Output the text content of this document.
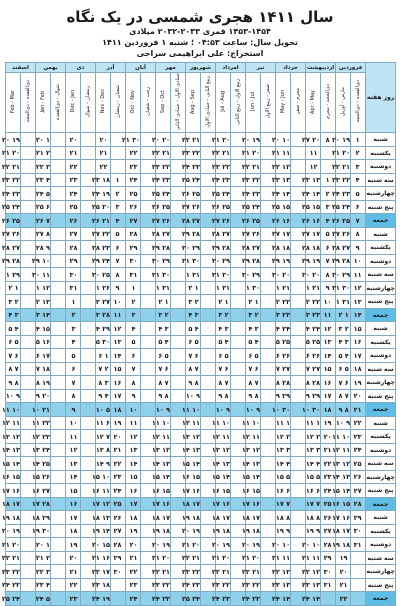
سال ۱۴۱۱ هجری شمسی در یک نگاه
۱۴۵۳-۱۴۵۴ قمری ۲۰۳۳-۲۰۳۲ میلادی
تحویل سال: ساعت ۰۴:۵۳ ؛ شنبه ۱ فروردین ۱۴۱۱
استخراج: علی ابراهیمی سراجی
روز هفته	فروردین		اردیبهشت		خرداد		تیر		امرداد		شهریور		مهر		آبان		آذر		دی		بهمن		اسفند	
	ذی‌القعده - ذی‌الحجه	مارس - آوریل	ذی‌الحجه - محرم	Apr - May	محرم - صفر	May - Jun	صفر - ربیع الاول	Jun - Jul	ربیع الاول - ربیع الثانی	Jul - Aug	ربیع الثانی - جمادی الاول	Aug - Sep	جمادی الاول - جمادی الثانی	Sep - Oct	رجب - شعبان	Oct - Nov	شعبان - رمضان	Nov - Dec	رمضان - شوال	Dec - Jan	شوال - ذی‌القعده	Jan - Feb	ذی‌القعده - ذی‌الحجه	Feb - Mar
شنبه	۱	۱۹ ۲۰	۸	۲۰ ۲۷		۱۰ ۲۰		۱۹ ۲۰		۲۰ ۲۱		۲۱ ۲۲		۲۰ ۲۰		۳۰ ۲۱		۲۰		۲۰		۱ ۲۰		۱۹ ۲۰
یکشنبه	۲	۲۰ ۲۱		۱۱		۱۱ ۲۱		۲۰ ۲۱		۲۱ ۲۲		۲۲ ۲۳		۲۱ ۲۲		۲۲		۲۱		۲۱		۲ ۲۱		۲۰ ۲۱
دوشنبه	۳	۲۱ ۲۲		۱۲		۱۲ ۲۲		۲۱ ۲۲		۲۲ ۲۳		۲۳ ۲۴		۲۲ ۲۳		۲۳		۲۲		۲۲		۳ ۲۲		۲۱ ۲۲
سه شنبه	۴	۲۲ ۲۳	۱	۱۳ ۲۳		۱۳ ۲۳		۲۲ ۲۳		۲۳ ۲۴		۲۴ ۲۵		۲۳ ۲۴		۲۴	۱	۱۸ ۲۳		۲۳		۴ ۲۳		۲۲ ۲۳
چهارشنبه	۵	۲۳ ۲۴	۲	۱۴ ۲۴		۱۴ ۲۴		۲۳ ۲۴		۲۴ ۲۵		۲۵ ۲۶		۲۴ ۲۵		۲۵	۲	۱۹ ۲۴		۲۴		۵ ۲۴		۲۳ ۲۴
پنج شنبه	۶	۲۴ ۲۵	۳	۱۵ ۲۵		۱۵ ۲۵		۲۴ ۲۵		۲۵ ۲۶		۲۶ ۲۷		۲۵ ۲۶		۲۶	۳	۲۰ ۲۵		۲۵		۶ ۲۵		۲۴ ۲۵
جمعه	۷	۲۵ ۲۶	۴	۱۶ ۲۶		۱۶ ۲۶		۲۵ ۲۶		۲۶ ۲۷		۲۷ ۲۸		۲۶ ۲۷		۲۷	۴	۲۱ ۲۶		۲۶		۷ ۲۶		۲۵ ۲۶
شنبه	۸	۲۶ ۲۷	۵	۱۷ ۲۷		۱۷ ۲۷		۲۶ ۲۷		۲۷ ۲۸		۲۸ ۲۹		۲۷ ۲۸		۲۸	۵	۲۲ ۲۷		۲۷		۸ ۲۷		۲۶ ۲۷
یکشنبه	۹	۲۷ ۲۸	۶	۱۸ ۲۸		۱۸ ۲۸		۲۷ ۲۸		۲۸ ۲۹		۲۹ ۳۰		۲۸ ۲۹		۲۹	۶	۲۳ ۲۸		۲۸		۹ ۲۸		۲۷ ۲۸
دوشنبه	۱۰	۲۸ ۲۹	۷	۱۹ ۲۹		۱۹ ۲۹		۲۸ ۲۹		۲۹ ۳۰		۳۰ ۳۱		۲۹ ۳۰		۳۰	۷	۲۴ ۲۹		۲۹		۱۰ ۲۹		۲۸ ۲۹
سه شنبه	۱۱	۲۹ ۳۰	۸	۲۰ ۳۰		۲۰ ۳۰		۲۹ ۳۰		۳۰ ۳۱		۳۱ ۱		۳۰ ۳۱		۳۱	۸	۲۵ ۳۰		۳۰		۱۱ ۳۰		۲۹ ۱
چهارشنبه	۱۲	۳۰ ۳۱	۹	۲۱ ۱		۲۱ ۱		۳۰ ۱		۳۱ ۱		۱ ۲		۳۱ ۱		۱	۹	۲۶ ۱		۳۱		۱۲ ۱		۱ ۲
پنج شنبه	۱۳	۳۱ ۱	۱۰	۲۲ ۲		۲۲ ۲		۱ ۲		۱ ۲		۲ ۳		۱ ۲		۲	۱۰	۲۷ ۲		۱		۱۳ ۲		۲ ۳
جمعه	۱۴	۱ ۲	۱۱	۲۳ ۳		۲۳ ۳		۲ ۳		۲ ۳		۳ ۴		۲ ۳		۳	۱۱	۲۸ ۳		۲		۱۴ ۳		۳ ۴
شنبه	۱۵	۲ ۳	۱۲	۲۴ ۴		۲۴ ۴		۳ ۴		۳ ۴		۴ ۵		۳ ۴		۴	۱۲	۲۹ ۴		۳		۱۵ ۴		۴ ۵
یکشنبه	۱۶	۳ ۴	۱۳	۲۵ ۵		۲۵ ۵		۴ ۵		۴ ۵		۵ ۶		۴ ۵		۵	۱۳	۳۰ ۵		۴		۱۶ ۵		۵ ۶
دوشنبه	۱۷	۴ ۵	۱۴	۲۶ ۶		۲۶ ۶		۵ ۶		۵ ۶		۶ ۷		۵ ۶		۶	۱۴	۱ ۶		۵		۱۷ ۶		۶ ۷
سه شنبه	۱۸	۵ ۶	۱۵	۲۷ ۷		۲۷ ۷		۶ ۷		۶ ۷		۷ ۸		۶ ۷		۷	۱۵	۲ ۷		۶		۱۸ ۷		۷ ۸
چهارشنبه	۱۹	۶ ۷	۱۶	۲۸ ۸		۲۸ ۸		۷ ۸		۷ ۸		۸ ۹		۷ ۸		۸	۱۶	۳ ۸		۷		۱۹ ۸		۸ ۹
پنج شنبه	۲۰	۷ ۸	۱۷	۲۹ ۹		۲۹ ۹		۸ ۹		۸ ۹		۹ ۱۰		۸ ۹		۹	۱۷	۴ ۹		۸		۲۰ ۹		۹ ۱۰
جمعه	۲۱	۸ ۹	۱۸	۳۰ ۱۰		۳۰ ۱۰		۹ ۱۰		۹ ۱۰		۱۰ ۱۱		۹ ۱۰		۱۰	۱۸	۵ ۱۰		۹		۲۱ ۱۰		۱۰ ۱۱
شنبه	۲۲	۹ ۱۰	۱۹	۱ ۱۱		۱ ۱۱		۱۰ ۱۱		۱۰ ۱۱		۱۱ ۱۲		۱۰ ۱۱		۱۱	۱۹	۶ ۱۱		۱۰		۲۲ ۱۱		۱۱ ۱۲
یکشنبه	۲۳	۱۰ ۱۱	۲۰	۲ ۱۲		۲ ۱۲		۱۱ ۱۲		۱۱ ۱۲		۱۲ ۱۳		۱۱ ۱۲		۱۲	۲۰	۷ ۱۲		۱۱		۲۳ ۱۲		۱۲ ۱۳
دوشنبه	۲۴	۱۱ ۱۲	۲۱	۳ ۱۳		۳ ۱۳		۱۲ ۱۳		۱۲ ۱۳		۱۳ ۱۴		۱۲ ۱۳		۱۳	۲۱	۸ ۱۳		۱۲		۲۴ ۱۳		۱۳ ۱۴
سه شنبه	۲۵	۱۲ ۱۳	۲۲	۴ ۱۴		۴ ۱۴		۱۳ ۱۴		۱۳ ۱۴		۱۴ ۱۵		۱۳ ۱۴		۱۴	۲۲	۹ ۱۴		۱۳		۲۵ ۱۴		۱۴ ۱۵
چهارشنبه	۲۶	۱۳ ۱۴	۲۳	۵ ۱۵		۵ ۱۵		۱۴ ۱۵		۱۴ ۱۵		۱۵ ۱۶		۱۴ ۱۵		۱۵	۲۳	۱۰ ۱۵		۱۴		۲۶ ۱۵		۱۵ ۱۶
پنج شنبه	۲۷	۱۴ ۱۵	۲۴	۶ ۱۶		۶ ۱۶		۱۵ ۱۶		۱۵ ۱۶		۱۶ ۱۷		۱۵ ۱۶		۱۶	۲۴	۱۱ ۱۶		۱۵		۲۷ ۱۶		۱۶ ۱۷
جمعه	۲۸	۱۵ ۱۶	۲۵	۷ ۱۷		۷ ۱۷		۱۶ ۱۷		۱۶ ۱۷		۱۷ ۱۸		۱۶ ۱۷		۱۷	۲۵	۱۲ ۱۷		۱۶		۲۸ ۱۷		۱۷ ۱۸
شنبه	۲۹	۱۶ ۱۷	۲۶	۸ ۱۸		۸ ۱۸		۱۷ ۱۸		۱۷ ۱۸		۱۸ ۱۹		۱۷ ۱۸		۱۸	۲۶	۱۳ ۱۸		۱۷		۲۹ ۱۸		۱۸ ۱۹
یکشنبه	۳۰	۱۷ ۱۸	۲۷	۹ ۱۹		۹ ۱۹		۱۸ ۱۹		۱۸ ۱۹		۱۹ ۲۰		۱۸ ۱۹		۱۹	۲۷	۱۴ ۱۹		۱۸		۳۰ ۱۹		۱۹ ۲۰
دوشنبه	۳۱	۱۸ ۱۹	۲۸	۱۰ ۲۰		۱۰ ۲۰		۱۹ ۲۰		۱۹ ۲۰		۲۰ ۲۱		۱۹ ۲۰		۲۰	۲۸	۱۵ ۲۰		۱۹		۱ ۲۰		۲۰ ۲۱
سه شنبه		۱۹	۲۹	۱۱ ۲۱		۱۱ ۲۱		۲۰ ۲۱		۲۰ ۲۱		۲۱ ۲۲		۲۰ ۲۱		۲۱	۲۹	۱۶ ۲۱		۲۰		۲ ۲۱		۲۱ ۲۲
چهارشنبه		۲۰	۳۰	۱۲ ۲۲		۱۲ ۲۲		۲۱ ۲۲		۲۱ ۲۲		۲۲ ۲۳		۲۱ ۲۲		۲۲	۳۰	۱۷ ۲۲		۲۱		۳ ۲۲		۲۲ ۲۳
پنج شنبه		۲۱	۳۱	۱۳ ۲۳		۱۳ ۲۳		۲۲ ۲۳		۲۲ ۲۳		۲۳ ۲۴		۲۲ ۲۳		۲۳		۱۸ ۲۳		۲۲		۴ ۲۳		۲۳ ۲۴
جمعه		۲۲		۱۴ ۲۴		۱۴ ۲۴		۲۳ ۲۴		۲۳ ۲۴		۲۴ ۲۵		۲۳ ۲۴		۲۴		۱۹ ۲۴		۲۳		۵ ۲۴		۲۴ ۲۵
